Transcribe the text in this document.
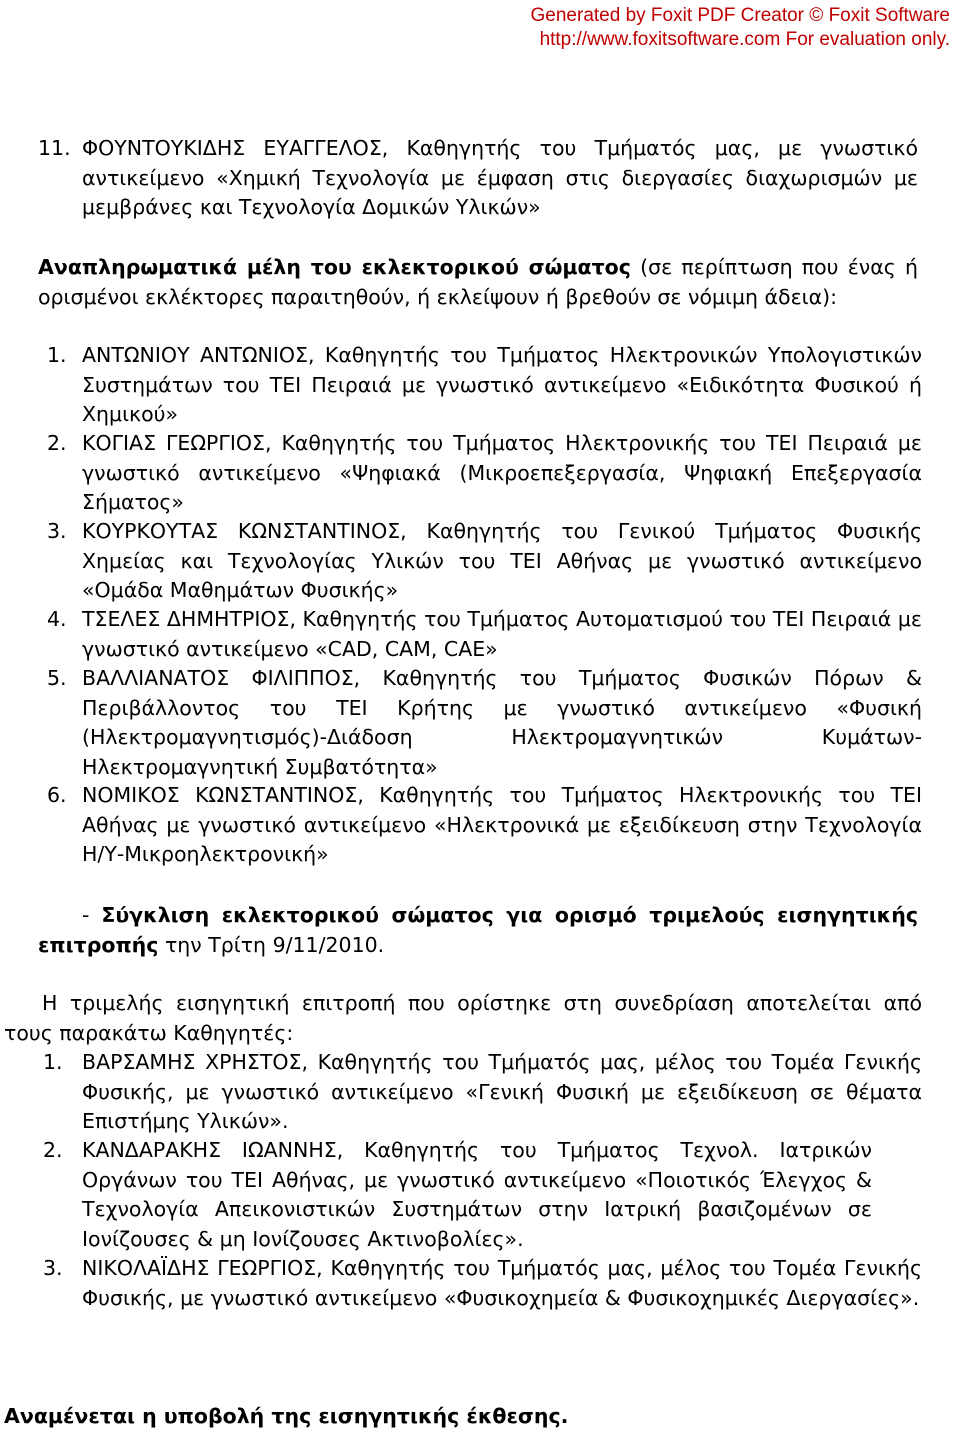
Generated by Foxit PDF Creator © Foxit Software
http://www.foxitsoftware.com For evaluation only.
11. ΦΟΥΝΤΟΥΚΙΔΗΣ ΕΥΑΓΓΕΛΟΣ, Καθηγητής του Τμήματός μας, με γνωστικό αντικείμενο «Χημική Τεχνολογία με έμφαση στις διεργασίες διαχωρισμών με μεμβράνες και Τεχνολογία Δομικών Υλικών»
Αναπληρωματικά μέλη του εκλεκτορικού σώματος (σε περίπτωση που ένας ή ορισμένοι εκλέκτορες παραιτηθούν, ή εκλείψουν ή βρεθούν σε νόμιμη άδεια):
1. ΑΝΤΩΝΙΟΥ ΑΝΤΩΝΙΟΣ, Καθηγητής του Τμήματος Ηλεκτρονικών Υπολογιστικών Συστημάτων του ΤΕΙ Πειραιά με γνωστικό αντικείμενο «Ειδικότητα Φυσικού ή Χημικού»
2. ΚΟΓΙΑΣ ΓΕΩΡΓΙΟΣ, Καθηγητής του Τμήματος Ηλεκτρονικής του ΤΕΙ Πειραιά με γνωστικό αντικείμενο «Ψηφιακά (Μικροεπεξεργασία, Ψηφιακή Επεξεργασία Σήματος»
3. ΚΟΥΡΚΟΥΤΑΣ ΚΩΝΣΤΑΝΤΙΝΟΣ, Καθηγητής του Γενικού Τμήματος Φυσικής Χημείας και Τεχνολογίας Υλικών του ΤΕΙ Αθήνας με γνωστικό αντικείμενο «Ομάδα Μαθημάτων Φυσικής»
4. ΤΣΕΛΕΣ ΔΗΜΗΤΡΙΟΣ, Καθηγητής του Τμήματος Αυτοματισμού του ΤΕΙ Πειραιά με γνωστικό αντικείμενο «CAD, CAM, CAE»
5. ΒΑΛΛΙΑΝΑΤΟΣ ΦΙΛΙΠΠΟΣ, Καθηγητής του Τμήματος Φυσικών Πόρων & Περιβάλλοντος του ΤΕΙ Κρήτης με γνωστικό αντικείμενο «Φυσική (Ηλεκτρομαγνητισμός)-Διάδοση Ηλεκτρομαγνητικών Κυμάτων-Ηλεκτρομαγνητική Συμβατότητα»
6. ΝΟΜΙΚΟΣ ΚΩΝΣΤΑΝΤΙΝΟΣ, Καθηγητής του Τμήματος Ηλεκτρονικής του ΤΕΙ Αθήνας με γνωστικό αντικείμενο «Ηλεκτρονικά με εξειδίκευση στην Τεχνολογία Η/Υ-Μικροηλεκτρονική»
- Σύγκλιση εκλεκτορικού σώματος για ορισμό τριμελούς εισηγητικής επιτροπής την Τρίτη 9/11/2010.
Η τριμελής εισηγητική επιτροπή που ορίστηκε στη συνεδρίαση αποτελείται από τους παρακάτω Καθηγητές:
1. ΒΑΡΣΑΜΗΣ ΧΡΗΣΤΟΣ, Καθηγητής του Τμήματός μας, μέλος του Τομέα Γενικής Φυσικής, με γνωστικό αντικείμενο «Γενική Φυσική με εξειδίκευση σε θέματα Επιστήμης Υλικών».
2. ΚΑΝΔΑΡΑΚΗΣ ΙΩΑΝΝΗΣ, Καθηγητής του Τμήματος Τεχνολ. Ιατρικών Οργάνων του ΤΕΙ Αθήνας, με γνωστικό αντικείμενο «Ποιοτικός Έλεγχος & Τεχνολογία Απεικονιστικών Συστημάτων στην Ιατρική βασιζομένων σε Ιονίζουσες & μη Ιονίζουσες Ακτινοβολίες».
3. ΝΙΚΟΛΑΪΔΗΣ ΓΕΩΡΓΙΟΣ, Καθηγητής του Τμήματός μας, μέλος του Τομέα Γενικής Φυσικής, με γνωστικό αντικείμενο «Φυσικοχημεία & Φυσικοχημικές Διεργασίες».
Αναμένεται η υποβολή της εισηγητικής έκθεσης.
